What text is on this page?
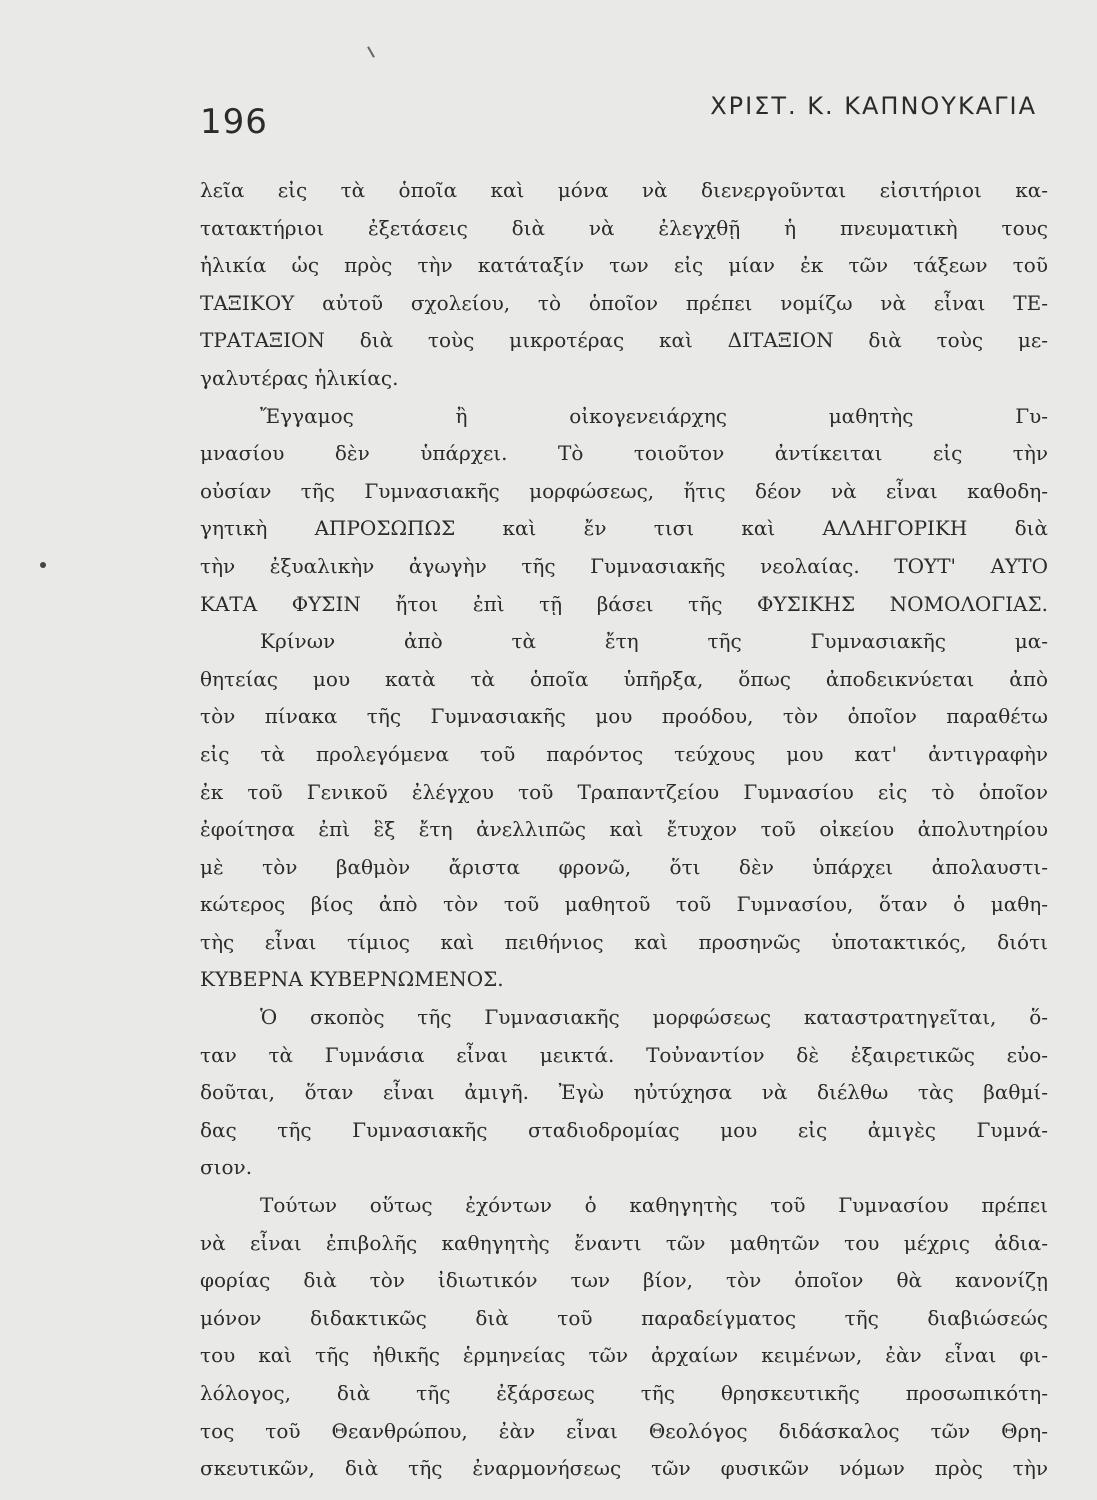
196	ΧΡΙΣΤ. Κ. ΚΑΠΝΟΥΚΑΓΙΑ
λεῖα εἰς τὰ ὁποῖα καὶ μόνα νὰ διενεργοῦνται εἰσιτήριοι κα-
τατακτήριοι ἐξετάσεις διὰ νὰ ἐλεγχθῇ ἡ πνευματικὴ τους
ἡλικία ὡς πρὸς τὴν κατάταξίν των εἰς μίαν ἐκ τῶν τάξεων τοῦ
ΤΑΞΙΚΟΥ αὐτοῦ σχολείου, τὸ ὁποῖον πρέπει νομίζω νὰ εἶναι ΤΕ-
ΤΡΑΤΑΞΙΟΝ διὰ τοὺς μικροτέρας καὶ ΔΙΤΑΞΙΟΝ διὰ τοὺς με-
γαλυτέρας ἡλικίας.
Ἔγγαμος ἢ οἰκογενειάρχης μαθητὴς Γυ-
μνασίου δὲν ὑπάρχει. Τὸ τοιοῦτον ἀντίκειται εἰς τὴν
οὐσίαν τῆς Γυμνασιακῆς μορφώσεως, ἥτις δέον νὰ εἶναι καθοδη-
γητικὴ ΑΠΡΟΣΩΠΩΣ καὶ ἔν τισι καὶ ΑΛΛΗΓΟΡΙΚΗ διὰ
τὴν ἐξυαλικὴν ἀγωγὴν τῆς Γυμνασιακῆς νεολαίας. ΤΟΥΤ' ΑΥΤΟ
ΚΑΤΑ ΦΥΣΙΝ ἤτοι ἐπὶ τῇ βάσει τῆς ΦΥΣΙΚΗΣ ΝΟΜΟΛΟΓΙΑΣ.
Κρίνων ἀπὸ τὰ ἔτη τῆς Γυμνασιακῆς μα-
θητείας μου κατὰ τὰ ὁποῖα ὑπῆρξα, ὅπως ἀποδεικνύεται ἀπὸ
τὸν πίνακα τῆς Γυμνασιακῆς μου προόδου, τὸν ὁποῖον παραθέτω
εἰς τὰ προλεγόμενα τοῦ παρόντος τεύχους μου κατ' ἀντιγραφὴν
ἐκ τοῦ Γενικοῦ ἐλέγχου τοῦ Τραπαντζείου Γυμνασίου εἰς τὸ ὁποῖον
ἐφοίτησα ἐπὶ ἓξ ἔτη ἀνελλιπῶς καὶ ἔτυχον τοῦ οἰκείου ἀπολυτηρίου
μὲ τὸν βαθμὸν ἄριστα φρονῶ, ὅτι δὲν ὑπάρχει ἀπολαυστι-
κώτερος βίος ἀπὸ τὸν τοῦ μαθητοῦ τοῦ Γυμνασίου, ὅταν ὁ μαθη-
τὴς εἶναι τίμιος καὶ πειθήνιος καὶ προσηνῶς ὑποτακτικός, διότι
ΚΥΒΕΡΝΑ ΚΥΒΕΡΝΩΜΕΝΟΣ.
Ὁ σκοπὸς τῆς Γυμνασιακῆς μορφώσεως καταστρατηγεῖται, ὅ-
ταν τὰ Γυμνάσια εἶναι μεικτά. Τοὐναντίον δὲ ἐξαιρετικῶς εὐο-
δοῦται, ὅταν εἶναι ἀμιγῆ. Ἐγὼ ηὐτύχησα νὰ διέλθω τὰς βαθμί-
δας τῆς Γυμνασιακῆς σταδιοδρομίας μου εἰς ἀμιγὲς Γυμνά-
σιον.
Τούτων οὕτως ἐχόντων ὁ καθηγητὴς τοῦ Γυμνασίου πρέπει
νὰ εἶναι ἐπιβολῆς καθηγητὴς ἔναντι τῶν μαθητῶν του μέχρις ἀδια-
φορίας διὰ τὸν ἰδιωτικόν των βίον, τὸν ὁποῖον θὰ κανονίζῃ
μόνον διδακτικῶς διὰ τοῦ παραδείγματος τῆς διαβιώσεώς
του καὶ τῆς ἠθικῆς ἑρμηνείας τῶν ἀρχαίων κειμένων, ἐὰν εἶναι φι-
λόλογος, διὰ τῆς ἐξάρσεως τῆς θρησκευτικῆς προσωπικότη-
τος τοῦ Θεανθρώπου, ἐὰν εἶναι Θεολόγος διδάσκαλος τῶν Θρη-
σκευτικῶν, διὰ τῆς ἐναρμονήσεως τῶν φυσικῶν νόμων πρὸς τὴν
